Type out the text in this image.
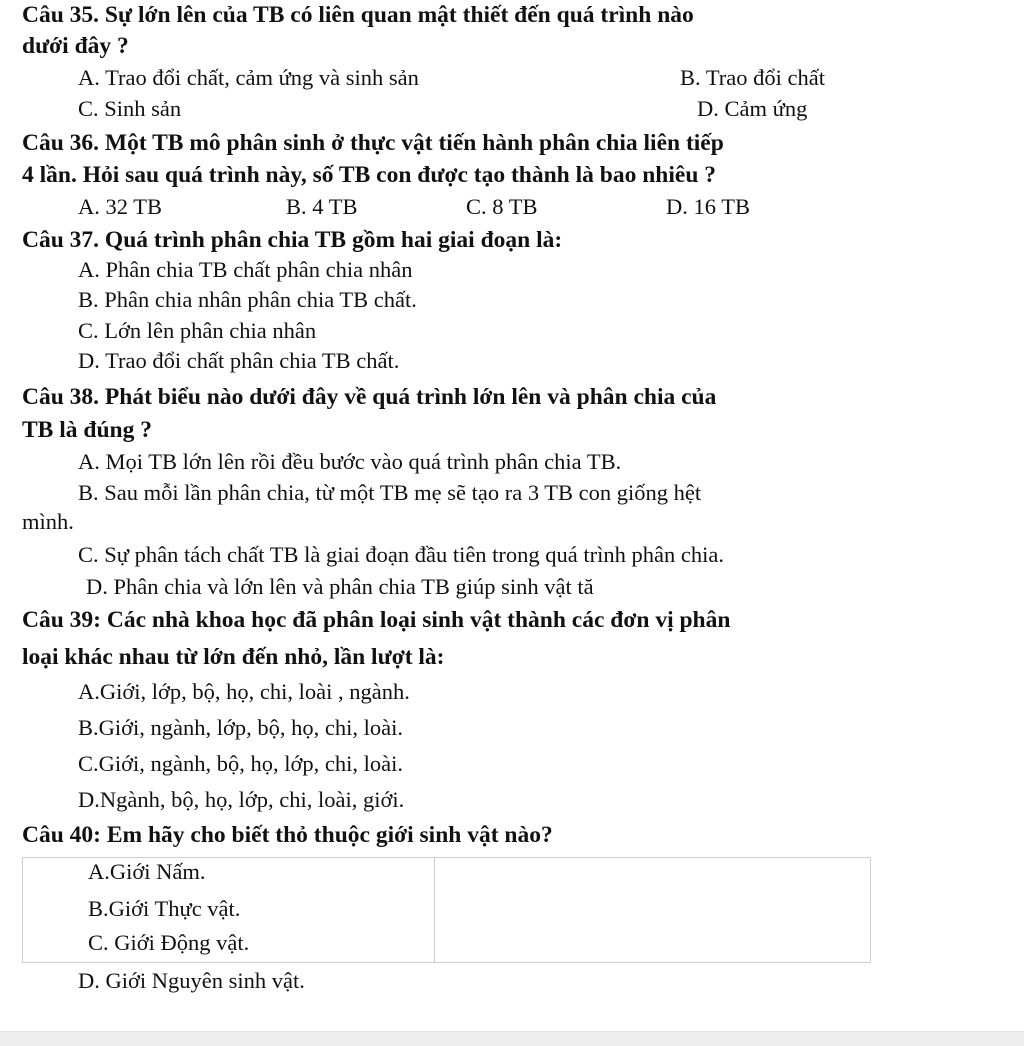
Câu 35. Sự lớn lên của TB có liên quan mật thiết đến quá trình nào
dưới đây ?
A. Trao đổi chất, cảm ứng và sinh sản	B. Trao đổi chất
C. Sinh sản	D. Cảm ứng
Câu 36. Một TB mô phân sinh ở thực vật tiến hành phân chia liên tiếp
4 lần. Hỏi sau quá trình này, số TB con được tạo thành là bao nhiêu ?
A. 32 TB	B. 4 TB	C. 8 TB	D. 16 TB
Câu 37. Quá trình phân chia TB gồm hai giai đoạn là:
A. Phân chia TB chất phân chia nhân
B. Phân chia nhân phân chia TB chất.
C. Lớn lên phân chia nhân
D. Trao đổi chất phân chia TB chất.
Câu 38. Phát biểu nào dưới đây về quá trình lớn lên và phân chia của
TB là đúng ?
A. Mọi TB lớn lên rồi đều bước vào quá trình phân chia TB.
B. Sau mỗi lần phân chia, từ một TB mẹ sẽ tạo ra 3 TB con giống hệt
mình.
C. Sự phân tách chất TB là giai đoạn đầu tiên trong quá trình phân chia.
D. Phân chia và lớn lên và phân chia TB giúp sinh vật tă
Câu 39: Các nhà khoa học đã phân loại sinh vật thành các đơn vị phân
loại khác nhau từ lớn đến nhỏ, lần lượt là:
A.Giới, lớp, bộ, họ, chi, loài , ngành.
B.Giới, ngành, lớp, bộ, họ, chi, loài.
C.Giới, ngành, bộ, họ, lớp, chi, loài.
D.Ngành, bộ, họ, lớp, chi, loài, giới.
Câu 40: Em hãy cho biết thỏ thuộc giới sinh vật nào?
A.Giới Nấm.
B.Giới Thực vật.
C. Giới Động vật.
D. Giới Nguyên sinh vật.
